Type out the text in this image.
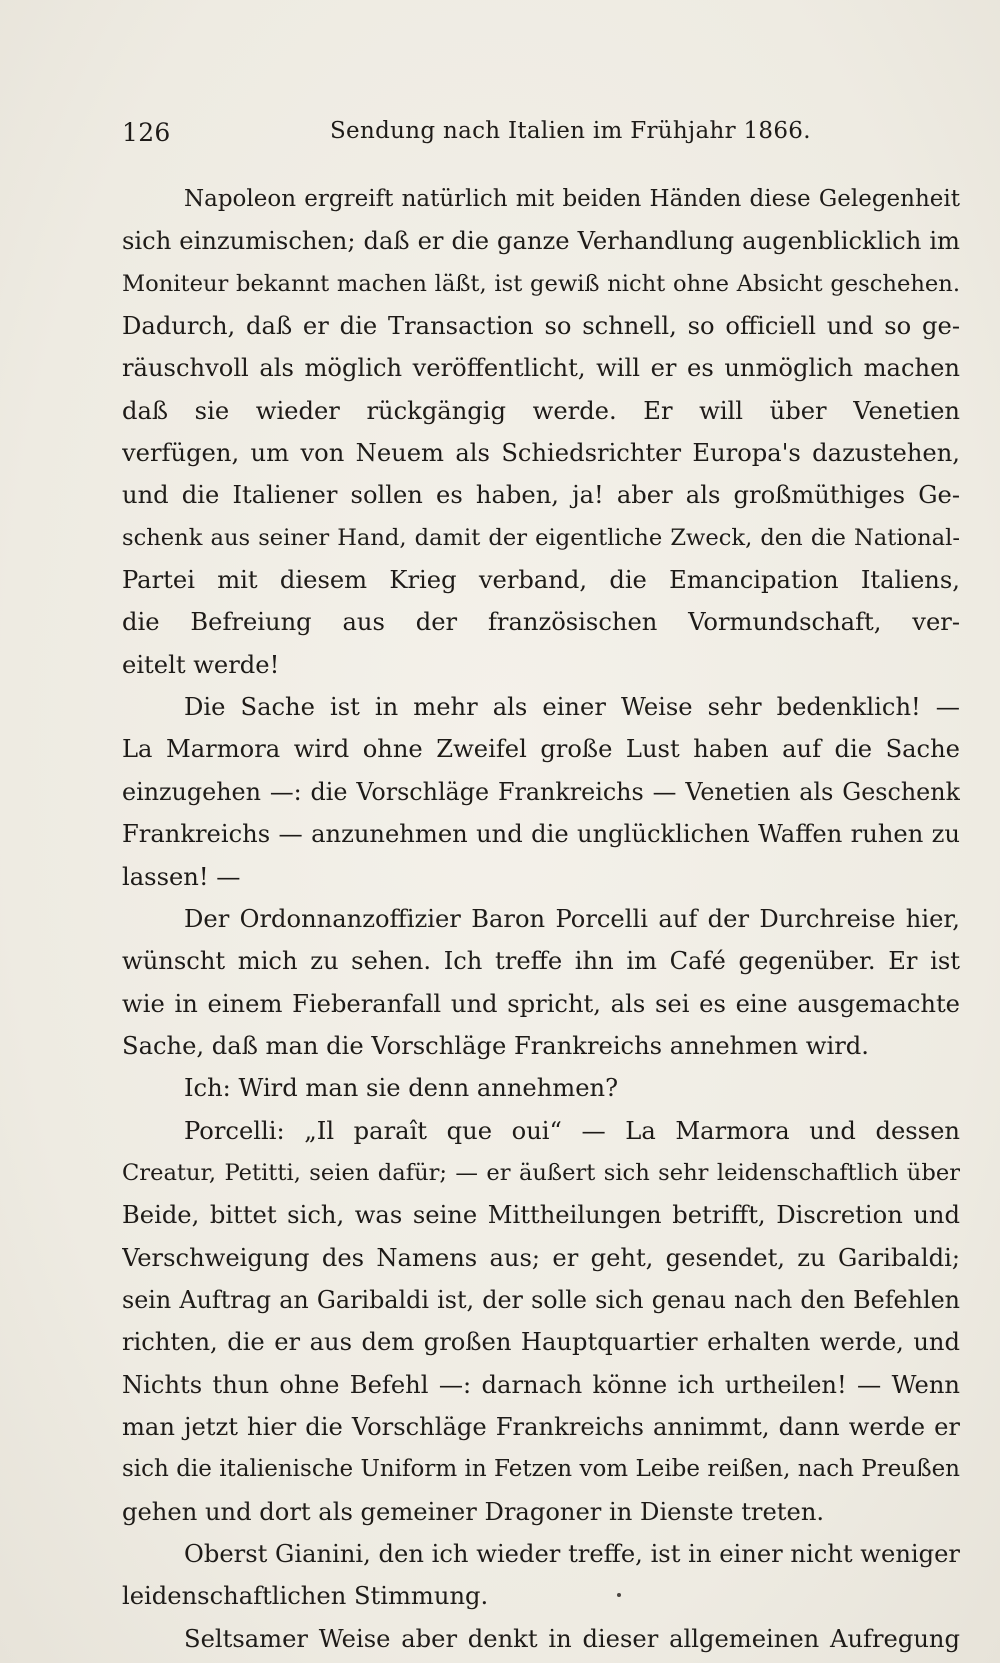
126	Sendung nach Italien im Frühjahr 1866.
Napoleon ergreift natürlich mit beiden Händen diese Gelegenheit
sich einzumischen; daß er die ganze Verhandlung augenblicklich im
Moniteur bekannt machen läßt, ist gewiß nicht ohne Absicht geschehen.
Dadurch, daß er die Transaction so schnell, so officiell und so ge-
räuschvoll als möglich veröffentlicht, will er es unmöglich machen
daß sie wieder rückgängig werde. Er will über Venetien
verfügen, um von Neuem als Schiedsrichter Europa's dazustehen,
und die Italiener sollen es haben, ja! aber als großmüthiges Ge-
schenk aus seiner Hand, damit der eigentliche Zweck, den die National-
Partei mit diesem Krieg verband, die Emancipation Italiens,
die Befreiung aus der französischen Vormundschaft, ver-
eitelt werde!
Die Sache ist in mehr als einer Weise sehr bedenklich! —
La Marmora wird ohne Zweifel große Lust haben auf die Sache
einzugehen —: die Vorschläge Frankreichs — Venetien als Geschenk
Frankreichs — anzunehmen und die unglücklichen Waffen ruhen zu
lassen! —
Der Ordonnanzoffizier Baron Porcelli auf der Durchreise hier,
wünscht mich zu sehen. Ich treffe ihn im Café gegenüber. Er ist
wie in einem Fieberanfall und spricht, als sei es eine ausgemachte
Sache, daß man die Vorschläge Frankreichs annehmen wird.
Ich: Wird man sie denn annehmen?
Porcelli: „Il paraît que oui“ — La Marmora und dessen
Creatur, Petitti, seien dafür; — er äußert sich sehr leidenschaftlich über
Beide, bittet sich, was seine Mittheilungen betrifft, Discretion und
Verschweigung des Namens aus; er geht, gesendet, zu Garibaldi;
sein Auftrag an Garibaldi ist, der solle sich genau nach den Befehlen
richten, die er aus dem großen Hauptquartier erhalten werde, und
Nichts thun ohne Befehl —: darnach könne ich urtheilen! — Wenn
man jetzt hier die Vorschläge Frankreichs annimmt, dann werde er
sich die italienische Uniform in Fetzen vom Leibe reißen, nach Preußen
gehen und dort als gemeiner Dragoner in Dienste treten.
Oberst Gianini, den ich wieder treffe, ist in einer nicht weniger
leidenschaftlichen Stimmung.
Seltsamer Weise aber denkt in dieser allgemeinen Aufregung
